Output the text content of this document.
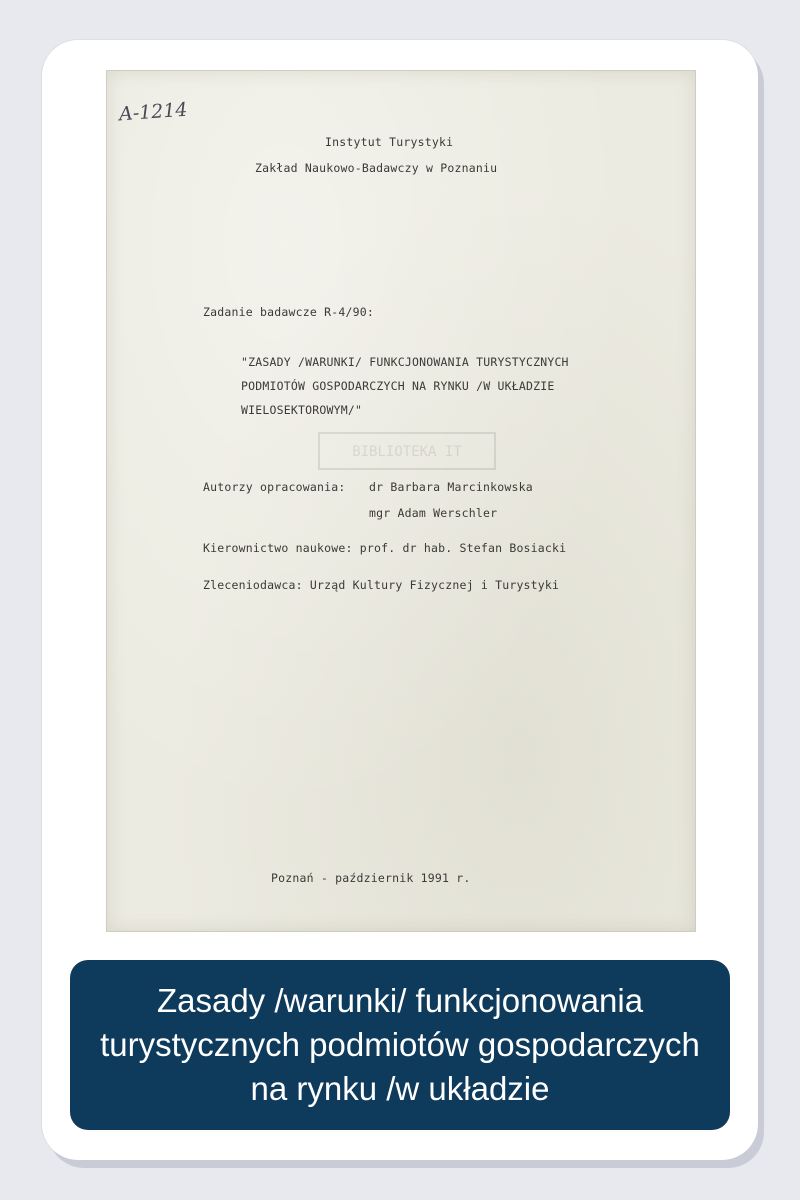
A-1214
Instytut Turystyki
Zakład Naukowo-Badawczy w Poznaniu
Zadanie badawcze R-4/90:
"ZASADY /WARUNKI/ FUNKCJONOWANIA TURYSTYCZNYCH
PODMIOTÓW GOSPODARCZYCH NA RYNKU /W UKŁADZIE
WIELOSEKTOROWYM/"
BIBLIOTEKA IT
Autorzy opracowania: dr Barbara Marcinkowska
mgr Adam Werschler
Kierownictwo naukowe: prof. dr hab. Stefan Bosiacki
Zleceniodawca: Urząd Kultury Fizycznej i Turystyki
Poznań - październik 1991 r.
Zasady /warunki/ funkcjonowania turystycznych podmiotów gospodarczych na rynku /w układzie
